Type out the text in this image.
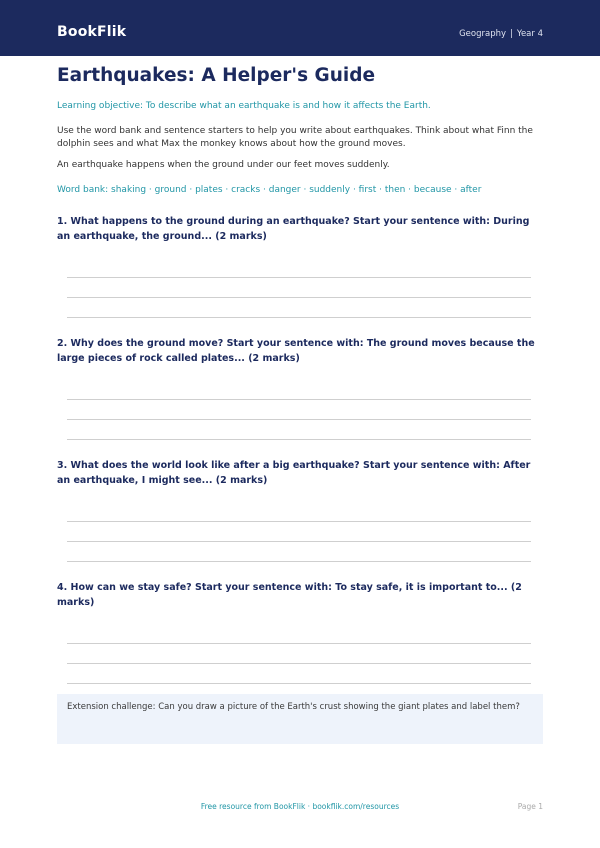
BookFlik	Geography | Year 4
Earthquakes: A Helper's Guide
Learning objective: To describe what an earthquake is and how it affects the Earth.
Use the word bank and sentence starters to help you write about earthquakes. Think about what Finn the dolphin sees and what Max the monkey knows about how the ground moves.
An earthquake happens when the ground under our feet moves suddenly.
Word bank: shaking · ground · plates · cracks · danger · suddenly · first · then · because · after
1. What happens to the ground during an earthquake? Start your sentence with: During an earthquake, the ground... (2 marks)
2. Why does the ground move? Start your sentence with: The ground moves because the large pieces of rock called plates... (2 marks)
3. What does the world look like after a big earthquake? Start your sentence with: After an earthquake, I might see... (2 marks)
4. How can we stay safe? Start your sentence with: To stay safe, it is important to... (2 marks)
Extension challenge: Can you draw a picture of the Earth's crust showing the giant plates and label them?
Free resource from BookFlik · bookflik.com/resources	Page 1
